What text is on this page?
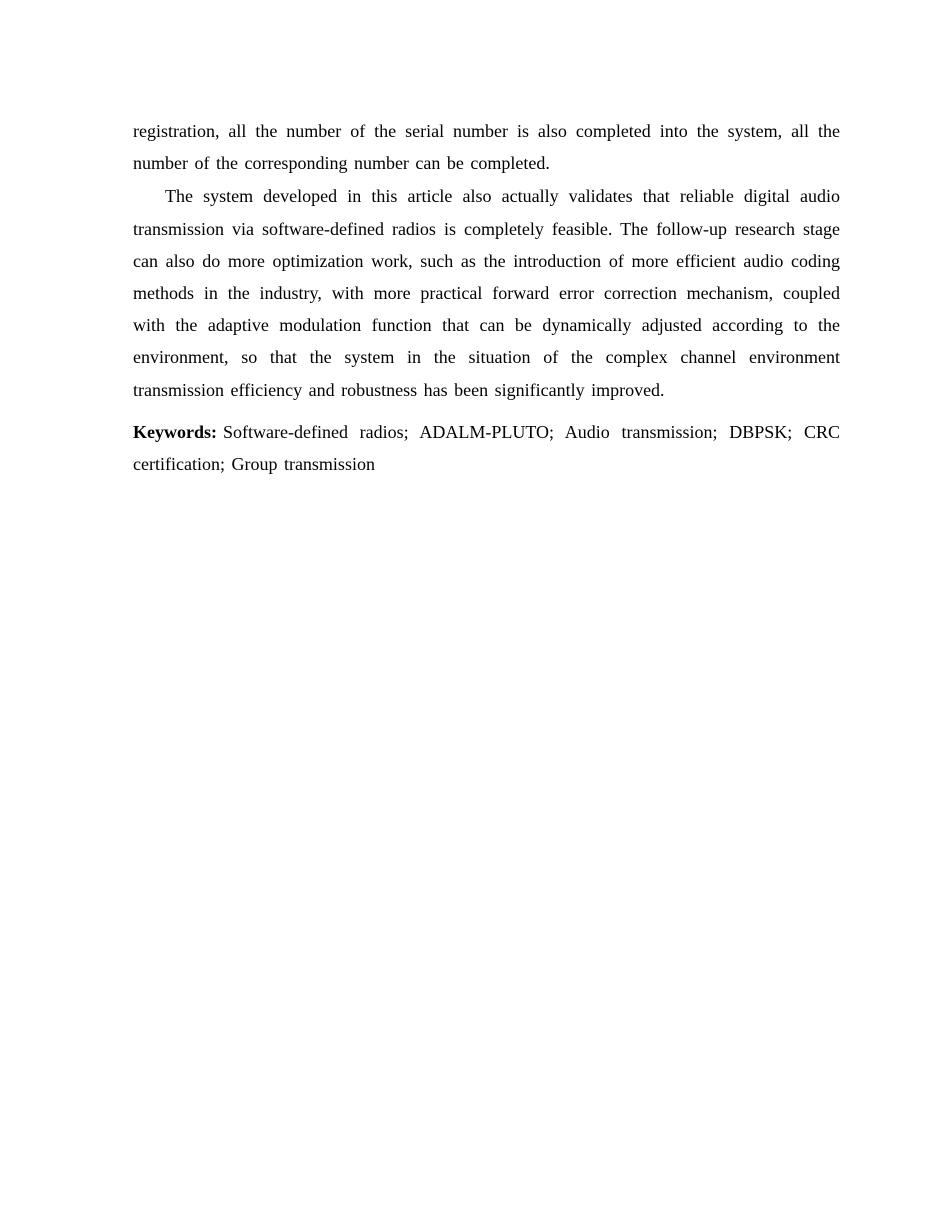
registration, all the number of the serial number is also completed into the system, all the number of the corresponding number can be completed.

The system developed in this article also actually validates that reliable digital audio transmission via software-defined radios is completely feasible. The follow-up research stage can also do more optimization work, such as the introduction of more efficient audio coding methods in the industry, with more practical forward error correction mechanism, coupled with the adaptive modulation function that can be dynamically adjusted according to the environment, so that the system in the situation of the complex channel environment transmission efficiency and robustness has been significantly improved.

Keywords: Software-defined radios; ADALM-PLUTO; Audio transmission; DBPSK; CRC certification; Group transmission
